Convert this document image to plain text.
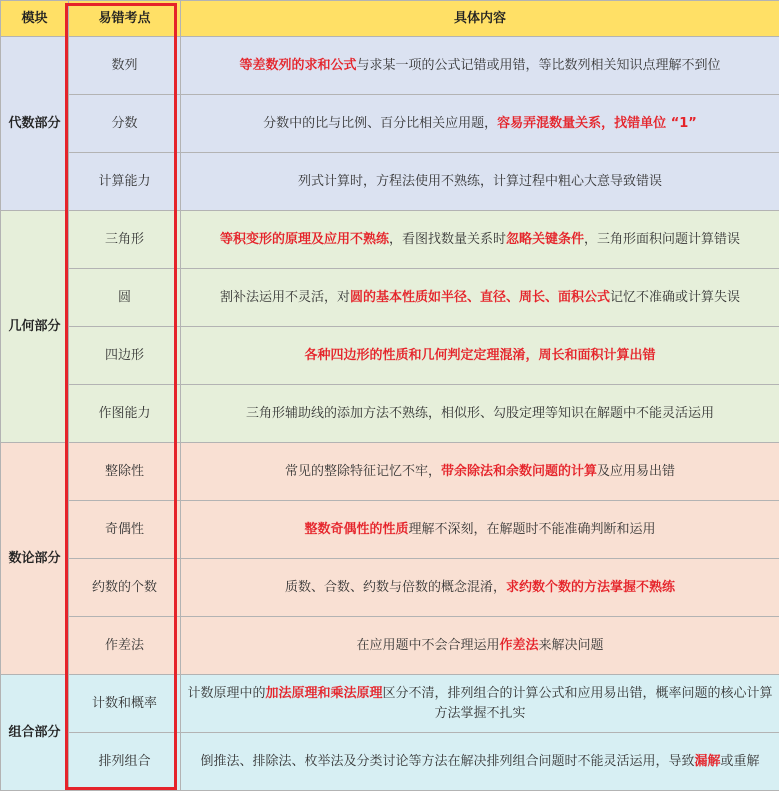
模块	易错考点	具体内容
代数部分	数列	等差数列的求和公式与求某一项的公式记错或用错，等比数列相关知识点理解不到位
	分数	分数中的比与比例、百分比相关应用题，容易弄混数量关系，找错单位 “1”
	计算能力	列式计算时，方程法使用不熟练，计算过程中粗心大意导致错误
几何部分	三角形	等积变形的原理及应用不熟练，看图找数量关系时忽略关键条件，三角形面积问题计算错误
	圆	割补法运用不灵活，对圆的基本性质如半径、直径、周长、面积公式记忆不准确或计算失误
	四边形	各种四边形的性质和几何判定定理混淆，周长和面积计算出错
	作图能力	三角形辅助线的添加方法不熟练，相似形、勾股定理等知识在解题中不能灵活运用
数论部分	整除性	常见的整除特征记忆不牢，带余除法和余数问题的计算及应用易出错
	奇偶性	整数奇偶性的性质理解不深刻，在解题时不能准确判断和运用
	约数的个数	质数、合数、约数与倍数的概念混淆，求约数个数的方法掌握不熟练
	作差法	在应用题中不会合理运用作差法来解决问题
组合部分	计数和概率	计数原理中的加法原理和乘法原理区分不清，排列组合的计算公式和应用易出错，概率问题的核心计算方法掌握不扎实
	排列组合	倒推法、排除法、枚举法及分类讨论等方法在解决排列组合问题时不能灵活运用，导致漏解或重解
